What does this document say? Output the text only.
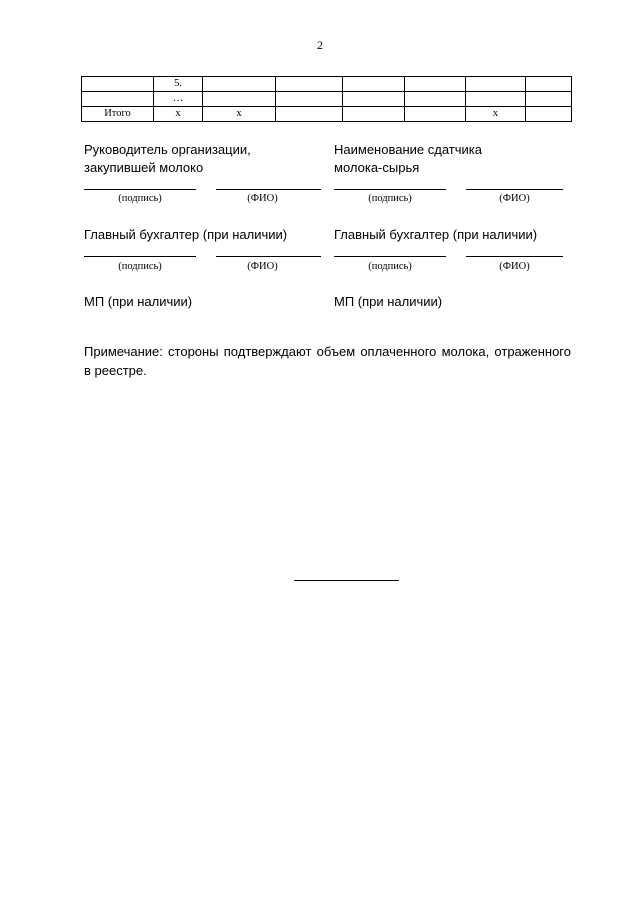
2
	5.						
	…						
Итого	х	х				х	
Руководитель организации,
закупившей молоко
(подпись)	(ФИО)
Главный бухгалтер (при наличии)
(подпись)	(ФИО)
МП (при наличии)
Наименование сдатчика
молока-сырья
(подпись)	(ФИО)
Главный бухгалтер (при наличии)
(подпись)	(ФИО)
МП (при наличии)
Примечание: стороны подтверждают объем оплаченного молока, отраженного в реестре.
